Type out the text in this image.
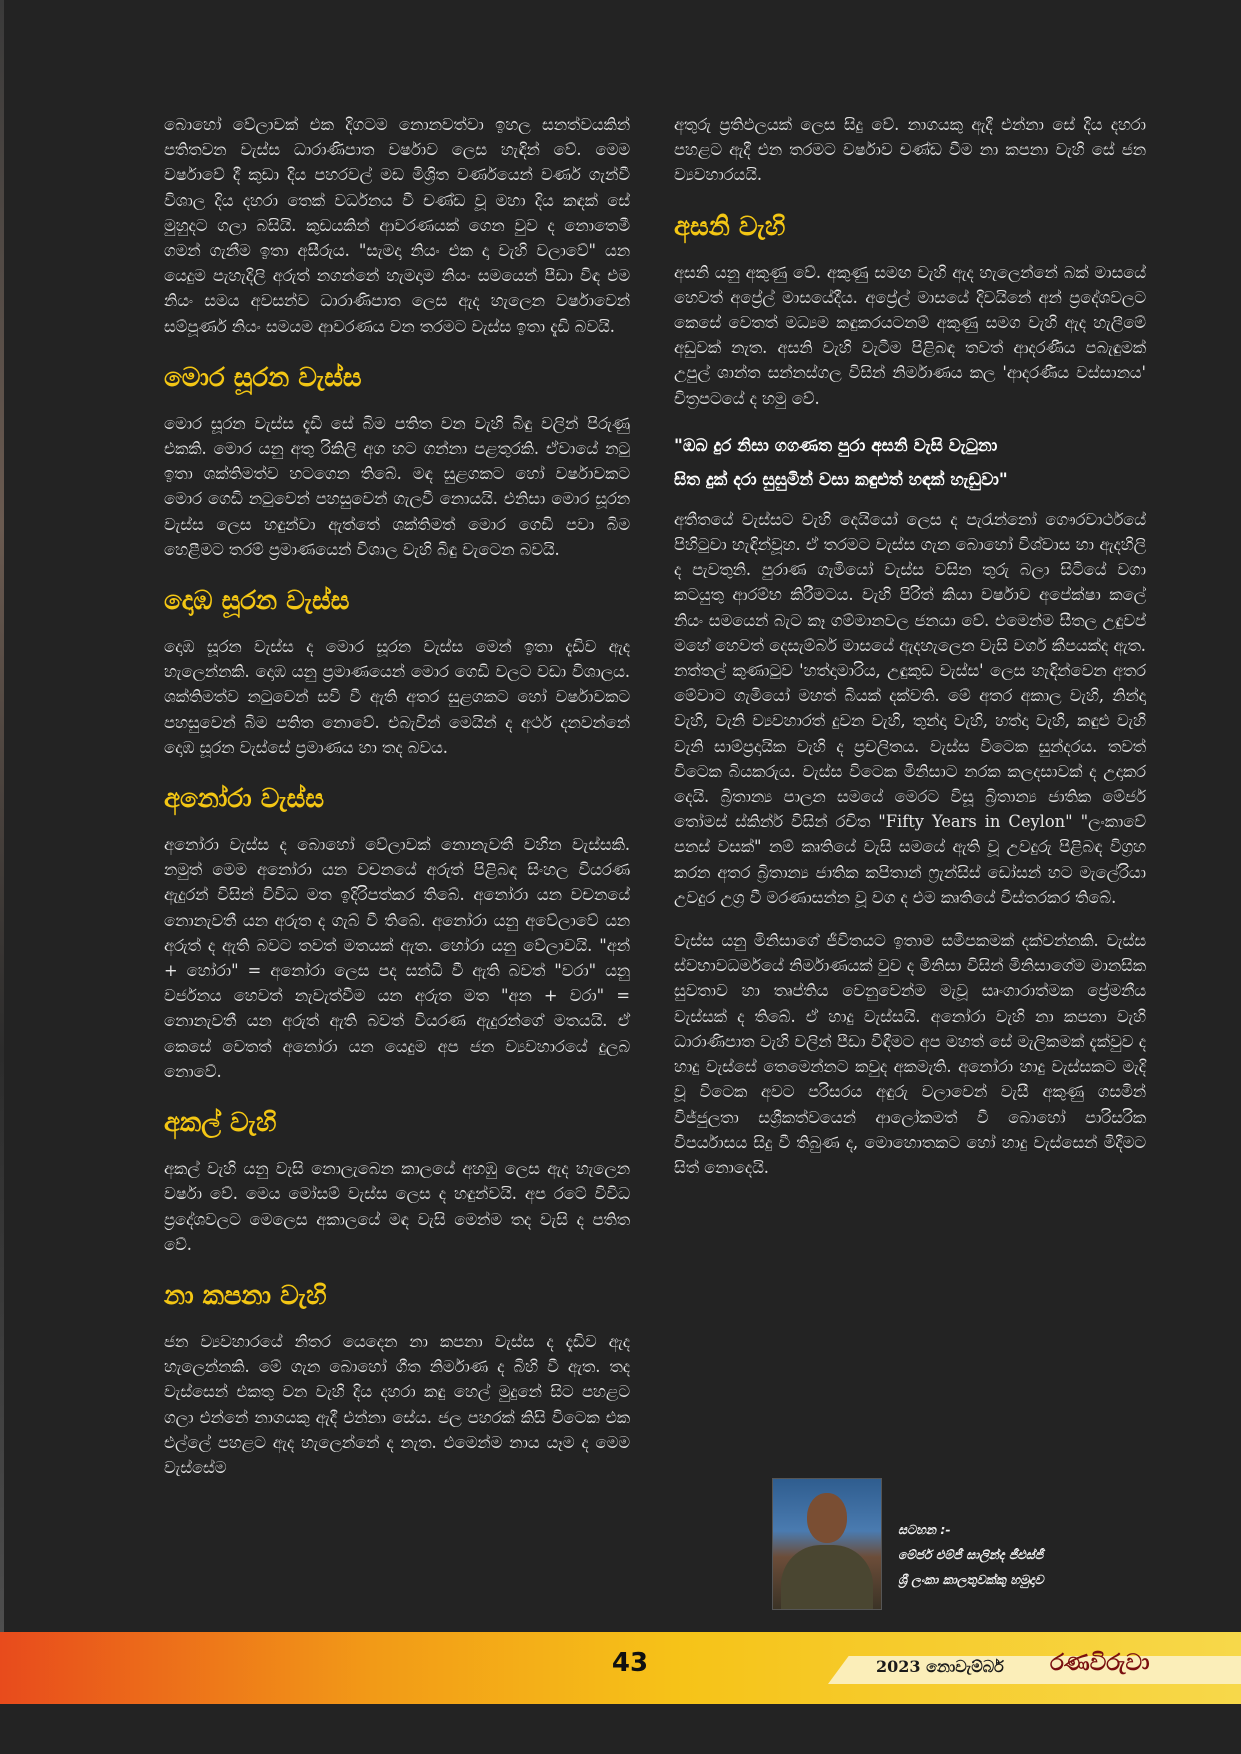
බොහෝ වේලාවක් එක දිගටම නොනවත්වා ඉහල සනත්වයකින් පතිතවන වැස්ස ධාරාණිපාත වර්ෂාව ලෙස හැඳින් වේ. මෙම වර්ෂාවේ දී කුඩා දිය පහරවල් මඩ මිශ්‍රිත වර්ණයෙන් වර්ණ ගැන්වී විශාල දිය දහරා තෙක් වර්ධනය වී චණ්ඩ වූ මහා දිය කඳක් සේ මුහුදට ගලා බසියි. කුඩයකින් ආවරණයක් ගෙන වුව ද නොතෙමී ගමන් ගැනීම ඉතා අසීරුය. "සැමදා නියං එක දා වැහි වලාවේ" යන යෙදුම පැහැදිලි අරුත් නගන්නේ හැමදාම නියං සමයෙන් පීඩා විඳ එම නියං සමය අවසන්ව ධාරාණිපාත ලෙස ඇද හැලෙන වර්ෂාවෙන් සම්පූර්ණ නියං සමයම ආවරණය වන තරමට වැස්ස ඉතා දැඩි බවයි.

මොර සූරන වැස්ස

මොර සූරන වැස්ස දැඩි සේ බිම පතිත වන වැහි බිඳු වලින් පිරුණු එකකි. මොර යනු අතු රිකිලි අග හට ගන්නා පළතුරකි. ඒවායේ නටු ඉතා ශක්තිමත්ව හටගෙන තිබේ. මඳ සුළගකට හෝ වර්ෂාවකට මොර ගෙඩි නටුවෙන් පහසුවෙන් ගැලවී නොයයි. එනිසා මොර සූරන වැස්ස ලෙස හඳුන්වා ඇත්තේ ශක්තිමත් මොර ගෙඩි පවා බිම හෙළීමට තරම් ප්‍රමාණයෙන් විශාල වැහි බිඳු වැටෙන බවයි.

දොඹ සූරන වැස්ස

දොඹ සූරන වැස්ස ද මොර සූරන වැස්ස මෙන් ඉතා දැඩිව ඇද හැලෙන්නකි. දොඹ යනු ප්‍රමාණයෙන් මොර ගෙඩි වලට වඩා විශාලය. ශක්තිමත්ව නටුවෙන් සවි වී ඇති අතර සුළගකට හෝ වර්ෂාවකට පහසුවෙන් බිම පතිත නොවේ. එබැවින් මෙයින් ද අර්ථ දනවන්නේ දොඹ සූරන වැස්සේ ප්‍රමාණය හා තද බවය.

අනෝරා වැස්ස

අනෝරා වැස්ස ද බොහෝ වේලාවක් නොනැවතී වහින වැස්සකි. නමුත් මෙම අනෝරා යන වචනයේ අරුත් පිළිබඳ සිංහල වියරණ ඇදුරන් විසින් විවිධ මත ඉදිරිපත්කර තිබේ. අනෝරා යන වචනයේ නොනැවතී යන අරුත ද ගැබ් වී තිබේ. අනෝරා යනු අවේලාවේ යන අරුත් ද ඇති බවට තවත් මතයක් ඇත. හෝරා යනු වේලාවයි. "අන් + හෝරා" = අනෝරා ලෙස පද සන්ධි වී ඇති බවත් "වරා" යනු වර්ජනය හෙවත් නැවැත්වීම යන අරුත මත "අන + වරා" = නොනැවතී යන අරුත් ඇති බවත් වියරණ ඇදුරන්ගේ මතයයි. ඒ කෙසේ වෙතත් අනෝරා යන යෙදුම අප ජන ව්‍යවහාරයේ දුලබ නොවේ.

අකල් වැහි

අකල් වැහි යනු වැසි නොලැබෙන කාලයේ අහඹු ලෙස ඇද හැලෙන වර්ෂා වේ. මෙය මෝසම් වැස්ස ලෙස ද හඳුන්වයි. අප රටේ විවිධ ප්‍රදේශවලට මෙලෙස අකාලයේ මඳ වැසි මෙන්ම තද වැසි ද පතිත වේ.

නා කපනා වැහි

ජන ව්‍යවහාරයේ නිතර යෙදෙන නා කපනා වැස්ස ද දැඩිව ඇද හැලෙන්නකි. මේ ගැන බොහෝ ගීත නිර්මාණ ද බිහි වී ඇත. තද වැස්සෙන් එකතු වන වැහි දිය දහරා කඳු හෙල් මුදුනේ සිට පහළට ගලා එන්නේ නාගයකු ඇදී එන්නා සේය. ජල පහරක් කිසි විටෙක එක එල්ලේ පහළට ඇද හැලෙන්නේ ද නැත. එමෙන්ම නාය යෑම ද මෙම වැස්සේම

අතුරු ප්‍රතිඵලයක් ලෙස සිදු වේ. නාගයකු ඇදී එන්නා සේ දිය දහරා පහළට ඇදී එන තරමට වර්ෂාව චණ්ඩ වීම නා කපනා වැහි සේ ජන ව්‍යවහාරයයි.

අසනි වැහි

අසනි යනු අකුණු වේ. අකුණු සමඟ වැහි ඇද හැලෙන්නේ බක් මාසයේ හෙවත් අප්‍රේල් මාසයේදීය. අප්‍රේල් මාසයේ දිවයිනේ අන් ප්‍රදේශවලට කෙසේ වෙතත් මධ්‍යම කඳුකරයටනම් අකුණු සමග වැහි ඇද හැලීමේ අඩුවක් නැත. අසනි වැහි වැටීම පිළිබඳ තවත් ආදරණීය පබැඳුමක් උපුල් ශාන්ත සන්නස්ගල විසින් නිර්මාණය කල 'ආදරණීය වස්සානය' චිත්‍රපටයේ ද හමු වේ.

"ඔබ දුර නිසා ගගණත පුරා අසනි වැසි වැටුනා
සිත දුක් දරා සුසුමින් වසා කඳුළුත් හඳක් හැඩුවා"

අතීතයේ වැස්සට වැහි දෙයියෝ ලෙස ද පැරැන්නෝ ගෞරවාර්ථයේ පිහිටුවා හැඳින්වූහ. ඒ තරමට වැස්ස ගැන බොහෝ විශ්වාස හා ඇදහිලි ද පැවතුනි. පුරාණ ගැමියෝ වැස්ස වසින තුරු බලා සිටියේ වගා කටයුතු ආරම්භ කිරීමටය. වැහි පිරිත් කියා වර්ෂාව අපේක්ෂා කලේ නියං සමයෙන් බැට කෑ ගම්මානවල ජනයා වේ. එමෙන්ම සීතල උඳුවප් මහේ හෙවත් දෙසැම්බර් මාසයේ ඇදහැලෙන වැසි වර්ග කීපයක්ද ඇත. නත්තල් කුණාටුව 'හත්දාමාරිය, උඳුකුඩ වැස්ස' ලෙස හැඳින්වෙන අතර මේවාට ගැමියෝ මහත් බියක් දක්වති. මේ අතර අකාල වැහි, නින්දා වැහි, වැනි ව්‍යවහාරත් දුවන වැහි, තුන්දා වැහි, හත්දා වැහි, කඳුළු වැහි වැනි සාම්ප්‍රදායික වැහි ද ප්‍රචලිතය. වැස්ස විටෙක සුන්දරය. තවත් විටෙක බියකරුය. වැස්ස විටෙක මිනිසාට නරක කලදසාවක් ද උදාකර දෙයි. බ්‍රිතාන්‍ය පාලන සමයේ මෙරට විසූ බ්‍රිතාන්‍ය ජාතික මේජර් තෝමස් ස්කින්ර් විසින් රචිත "Fifty Years in Ceylon" "ලංකාවේ පනස් වසක්" නම් කෘතියේ වැසි සමයේ ඇති වූ උවදුරු පිළිබඳ විග්‍රහ කරන අතර බ්‍රිතාන්‍ය ජාතික කපිතාන් ෆ්‍රැන්සිස් ඩෝසන් හට මැලේරියා උවදුර උග්‍ර වී මරණාසන්න වූ වග ද එම කෘතියේ විස්තරකර තිබේ.

වැස්ස යනු මිනිසාගේ ජීවිතයට ඉතාම සමීපකමක් දක්වන්නකි. වැස්ස ස්වභාවධර්මයේ නිර්මාණයක් වුව ද මිනිසා විසින් මිනිසාගේම මානසික සුවතාව හා තෘප්තිය වෙනුවෙන්ම මැවූ සෘංගාරාත්මක ප්‍රේමනීය වැස්සක් ද තිබේ. ඒ හාදු වැස්සයි. අනෝරා වැහි නා කපනා වැහි ධාරාණිපාත වැහි වලින් පීඩා විඳීමට අප මහත් සේ මැලිකමක් දැක්වුව ද හාදු වැස්සේ තෙමෙන්නට කවුද අකමැති. අනෝරා හාදු වැස්සකට මැදි වූ විටෙක අවට පරිසරය අඳුරු වලාවෙන් වැසී අකුණු ගසමින් විජ්ජුලතා සශ්‍රීකත්වයෙන් ආලෝකමත් වී බොහෝ පාරිසරික විපර්යාසය සිදු වී තිබුණ ද, මොහොතකට හෝ හාදු වැස්සෙන් මිදීමට සිත් නොදෙයි.

සටහන :-
මේජර් එම්ජී සාලින්ද ජීඑස්ජී
ශ්‍රී ලංකා කාලතුවක්කු හමුදාව
43	2023 නොවැම්බර් රණවිරුවා
